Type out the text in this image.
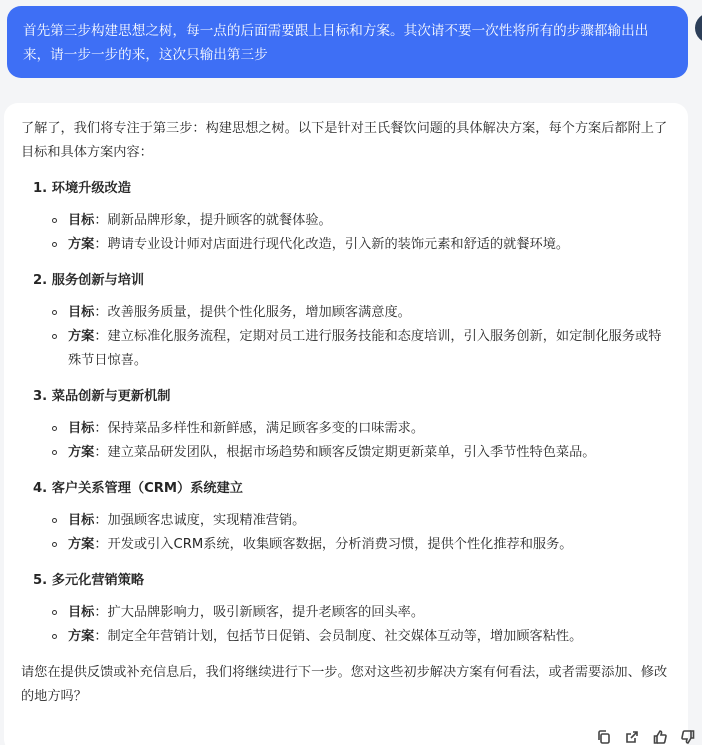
首先第三步构建思想之树，每一点的后面需要跟上目标和方案。其次请不要一次性将所有的步骤都输出出来，请一步一步的来，这次只输出第三步

了解了，我们将专注于第三步：构建思想之树。以下是针对王氏餐饮问题的具体解决方案，每个方案后都附上了目标和具体方案内容：

1. 环境升级改造
目标：刷新品牌形象，提升顾客的就餐体验。
方案：聘请专业设计师对店面进行现代化改造，引入新的装饰元素和舒适的就餐环境。
2. 服务创新与培训
目标：改善服务质量，提供个性化服务，增加顾客满意度。
方案：建立标准化服务流程，定期对员工进行服务技能和态度培训，引入服务创新，如定制化服务或特殊节日惊喜。
3. 菜品创新与更新机制
目标：保持菜品多样性和新鲜感，满足顾客多变的口味需求。
方案：建立菜品研发团队，根据市场趋势和顾客反馈定期更新菜单，引入季节性特色菜品。
4. 客户关系管理（CRM）系统建立
目标：加强顾客忠诚度，实现精准营销。
方案：开发或引入CRM系统，收集顾客数据，分析消费习惯，提供个性化推荐和服务。
5. 多元化营销策略
目标：扩大品牌影响力，吸引新顾客，提升老顾客的回头率。
方案：制定全年营销计划，包括节日促销、会员制度、社交媒体互动等，增加顾客粘性。

请您在提供反馈或补充信息后，我们将继续进行下一步。您对这些初步解决方案有何看法，或者需要添加、修改的地方吗？
